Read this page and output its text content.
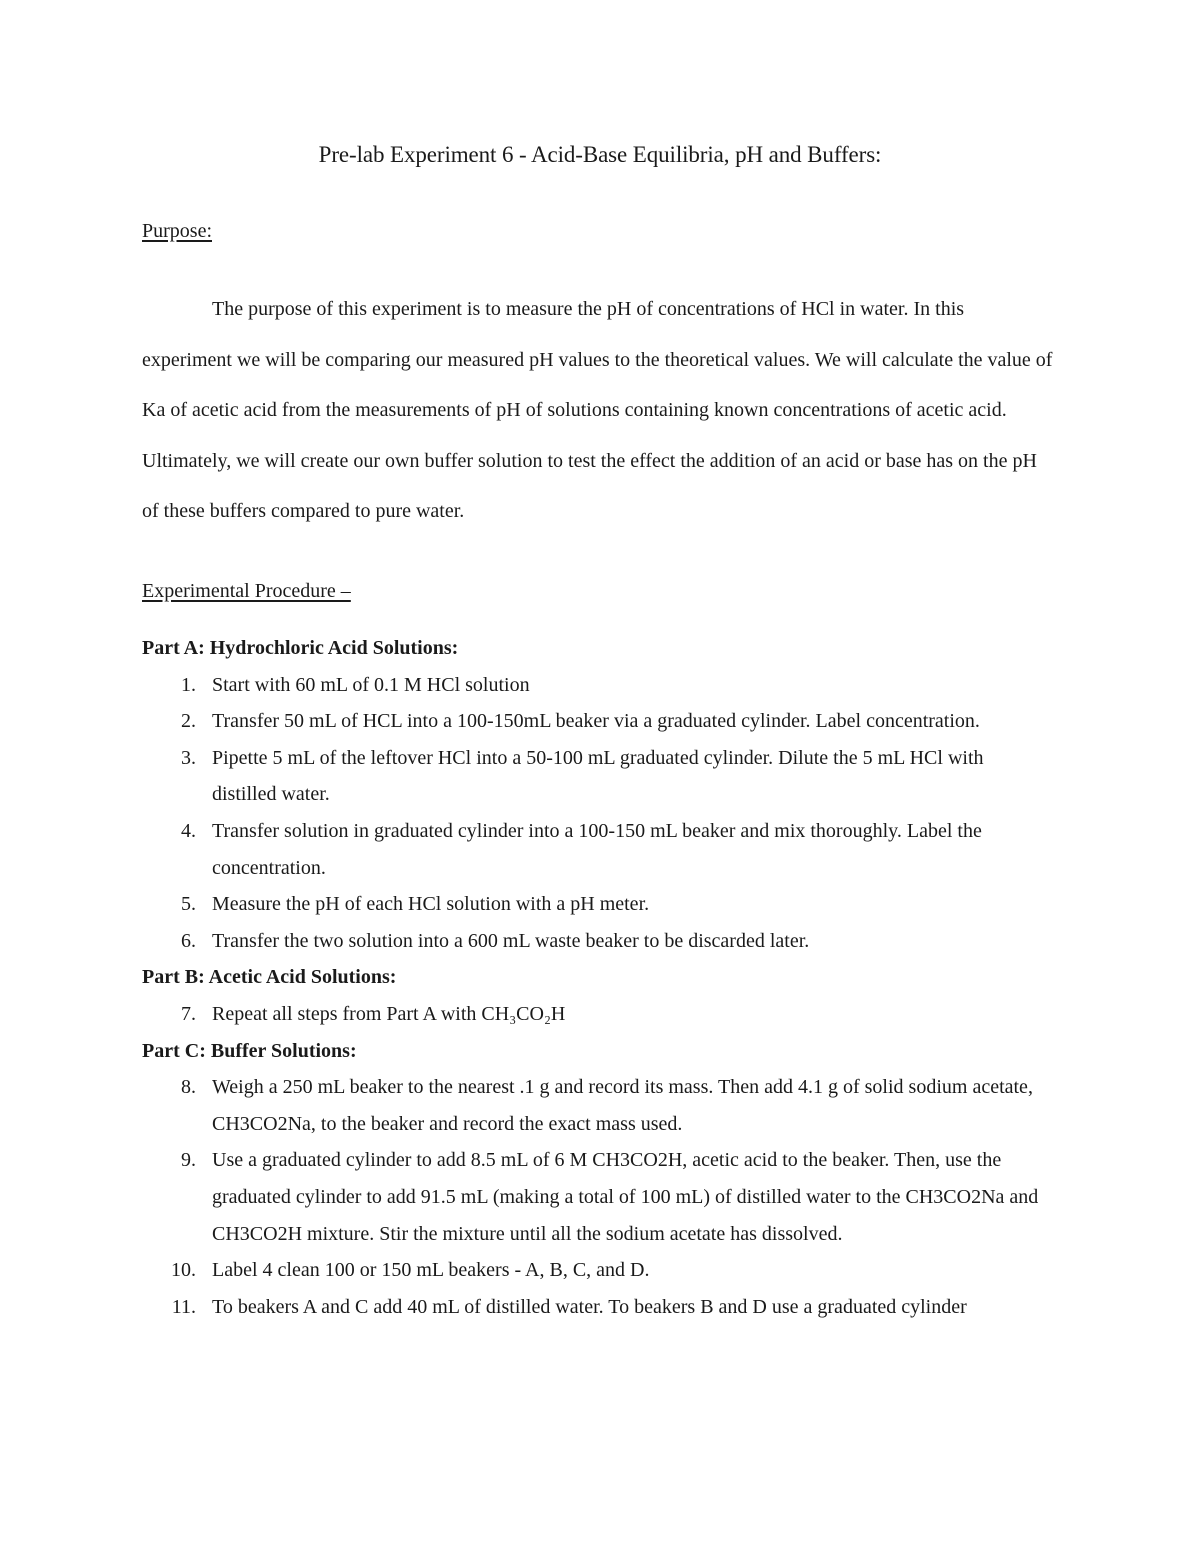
Pre-lab Experiment 6 - Acid-Base Equilibria, pH and Buffers:
Purpose:

The purpose of this experiment is to measure the pH of concentrations of HCl in water. In this experiment we will be comparing our measured pH values to the theoretical values. We will calculate the value of Ka of acetic acid from the measurements of pH of solutions containing known concentrations of acetic acid. Ultimately, we will create our own buffer solution to test the effect the addition of an acid or base has on the pH of these buffers compared to pure water.

Experimental Procedure –

Part A: Hydrochloric Acid Solutions:

1. Start with 60 mL of 0.1 M HCl solution
2. Transfer 50 mL of HCL into a 100-150mL beaker via a graduated cylinder. Label concentration.
3. Pipette 5 mL of the leftover HCl into a 50-100 mL graduated cylinder. Dilute the 5 mL HCl with distilled water.
4. Transfer solution in graduated cylinder into a 100-150 mL beaker and mix thoroughly. Label the concentration.
5. Measure the pH of each HCl solution with a pH meter.
6. Transfer the two solution into a 600 mL waste beaker to be discarded later.

Part B: Acetic Acid Solutions:

7. Repeat all steps from Part A with CH₃CO₂H

Part C: Buffer Solutions:

8. Weigh a 250 mL beaker to the nearest .1 g and record its mass. Then add 4.1 g of solid sodium acetate, CH3CO2Na, to the beaker and record the exact mass used.
9. Use a graduated cylinder to add 8.5 mL of 6 M CH3CO2H, acetic acid to the beaker. Then, use the graduated cylinder to add 91.5 mL (making a total of 100 mL) of distilled water to the CH3CO2Na and CH3CO2H mixture. Stir the mixture until all the sodium acetate has dissolved.
10. Label 4 clean 100 or 150 mL beakers - A, B, C, and D.
11. To beakers A and C add 40 mL of distilled water. To beakers B and D use a graduated cylinder
